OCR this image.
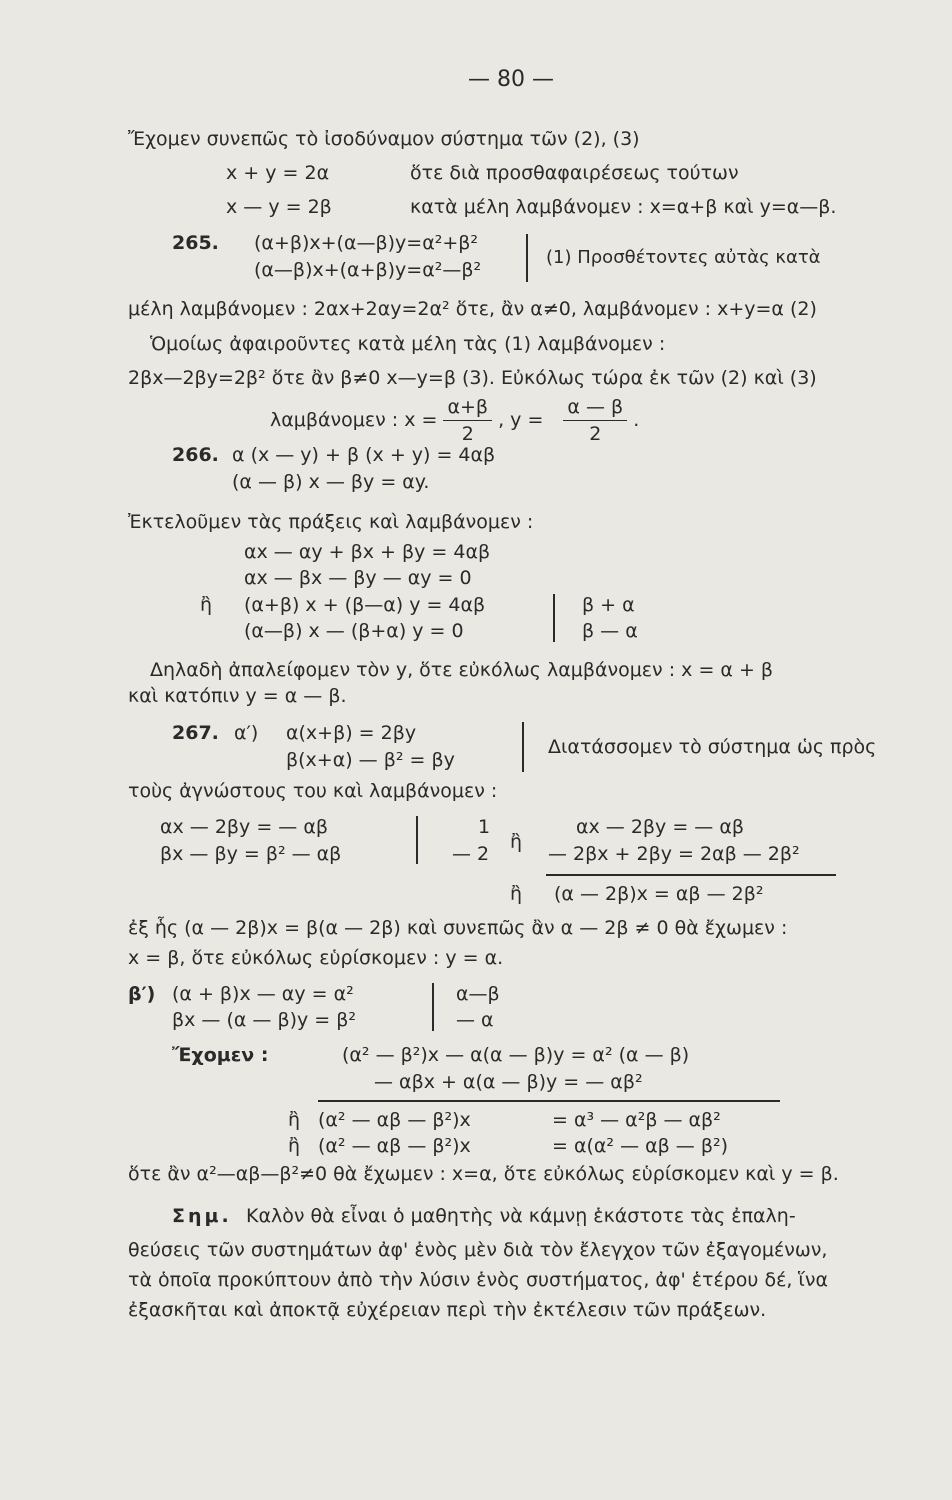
— 80 —
Ἔχομεν συνεπῶς τὸ ἰσοδύναμον σύστημα τῶν (2), (3)
x + y = 2α	ὅτε διὰ προσθαφαιρέσεως τούτων
x — y = 2β	κατὰ μέλη λαμβάνομεν : x=α+β καὶ y=α—β.
265. (α+β)x+(α—β)y=α²+β²
(α—β)x+(α+β)y=α²—β²
(1) Προσθέτοντες αὐτὰς κατὰ
μέλη λαμβάνομεν : 2αx+2αy=2α² ὅτε, ἂν α≠0, λαμβάνομεν : x+y=α (2)
Ὁμοίως ἀφαιροῦντες κατὰ μέλη τὰς (1) λαμβάνομεν :
2βx—2βy=2β² ὅτε ἂν β≠0 x—y=β (3). Εὐκόλως τώρα ἐκ τῶν (2) καὶ (3)
λαμβάνομεν : $x = \frac{\alpha+\beta}{2}$ , $y = \frac{\alpha — \beta}{2}$ .
266. α (x — y) + β (x + y) = 4αβ
(α — β) x — βy = αy.
Ἐκτελοῦμεν τὰς πράξεις καὶ λαμβάνομεν :
αx — αy + βx + βy = 4αβ
αx — βx — βy — αy = 0
ἢ (α+β) x + (β—α) y = 4αβ	β + α
(α—β) x — (β+α) y = 0	β — α
Δηλαδὴ ἀπαλείφομεν τὸν y, ὅτε εὐκόλως λαμβάνομεν : x = α + β
καὶ κατόπιν y = α — β.
267. α′) α(x+β) = 2βy
β(x+α) — β² = βy
Διατάσσομεν τὸ σύστημα ὡς πρὸς
τοὺς ἀγνώστους του καὶ λαμβάνομεν :
αx — 2βy = — αβ	1	αx — 2βy = — αβ
βx — βy = β² — αβ	— 2
ἢ
— 2βx + 2βy = 2αβ — 2β²
ἢ (α — 2β)x = αβ — 2β²
ἐξ ἧς (α — 2β)x = β(α — 2β) καὶ συνεπῶς ἂν α — 2β ≠ 0 θὰ ἔχωμεν :
x = β, ὅτε εὐκόλως εὑρίσκομεν : y = α.
β′) (α + β)x — αy = α²	α—β
βx — (α — β)y = β²	— α
Ἔχομεν :	(α² — β²)x — α(α — β)y = α² (α — β)
— αβx + α(α — β)y = — αβ²
ἢ (α² — αβ — β²)x	= α³ — α²β — αβ²
ἢ (α² — αβ — β²)x	= α(α² — αβ — β²)
ὅτε ἂν α²—αβ—β²≠0 θὰ ἔχωμεν : x=α, ὅτε εὐκόλως εὑρίσκομεν καὶ y = β.
Σημ. Καλὸν θὰ εἶναι ὁ μαθητὴς νὰ κάμνῃ ἑκάστοτε τὰς ἐπαλη-
θεύσεις τῶν συστημάτων ἀφ' ἑνὸς μὲν διὰ τὸν ἔλεγχον τῶν ἐξαγομένων,
τὰ ὁποῖα προκύπτουν ἀπὸ τὴν λύσιν ἑνὸς συστήματος, ἀφ' ἑτέρου δέ, ἵνα
ἐξασκῆται καὶ ἀποκτᾷ εὐχέρειαν περὶ τὴν ἐκτέλεσιν τῶν πράξεων.
